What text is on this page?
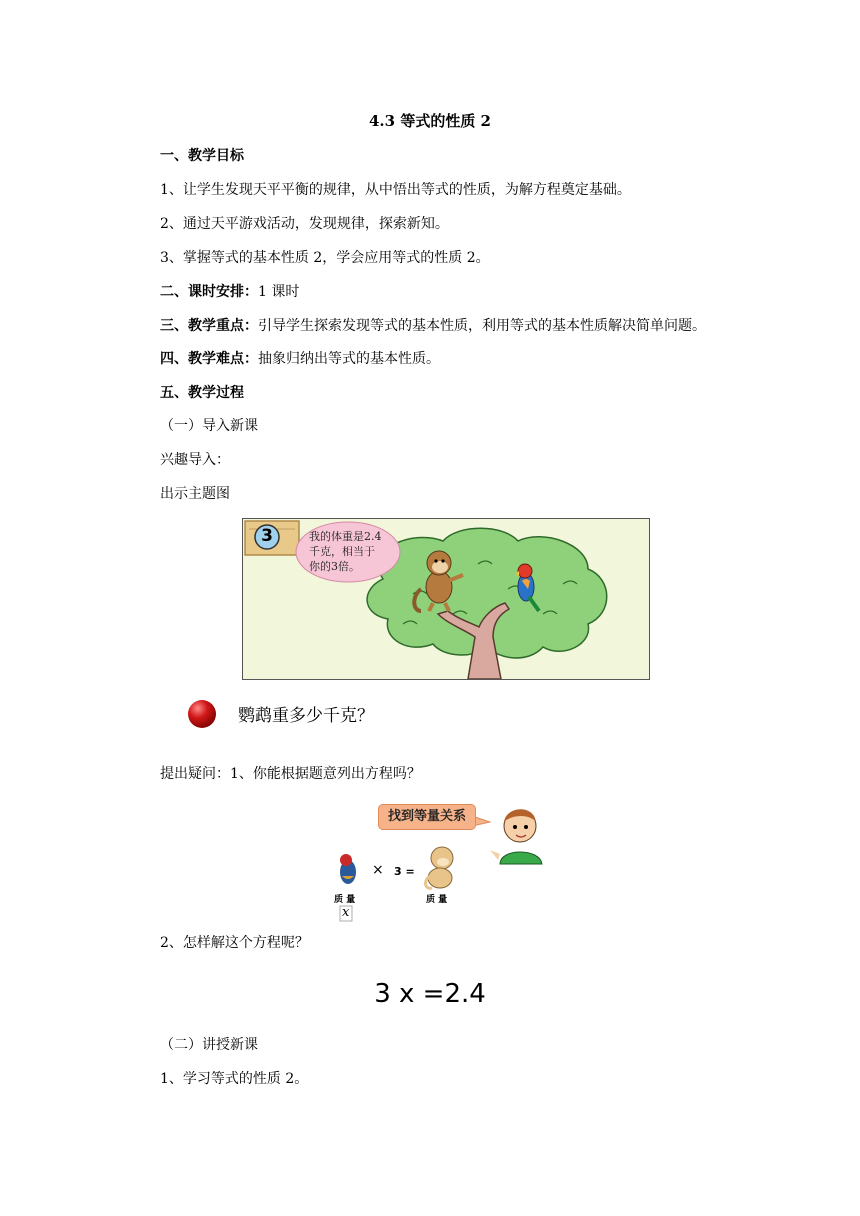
4.3 等式的性质 2
一、教学目标
1、让学生发现天平平衡的规律，从中悟出等式的性质，为解方程奠定基础。
2、通过天平游戏活动，发现规律，探索新知。
3、掌握等式的基本性质 2，学会应用等式的性质 2。
二、课时安排：1 课时
三、教学重点：引导学生探索发现等式的基本性质，利用等式的基本性质解决简单问题。
四、教学难点：抽象归纳出等式的基本性质。
五、教学过程
（一）导入新课
兴趣导入：
出示主题图
我的体重是2.4
千克，相当于
你的3倍。
3
鹦鹉重多少千克？
提出疑问：1、你能根据题意列出方程吗？
× 3 =
质 量	质 量
x
找到等量关系
2、怎样解这个方程呢？
3 x =2.4
（二）讲授新课
1、学习等式的性质 2。
